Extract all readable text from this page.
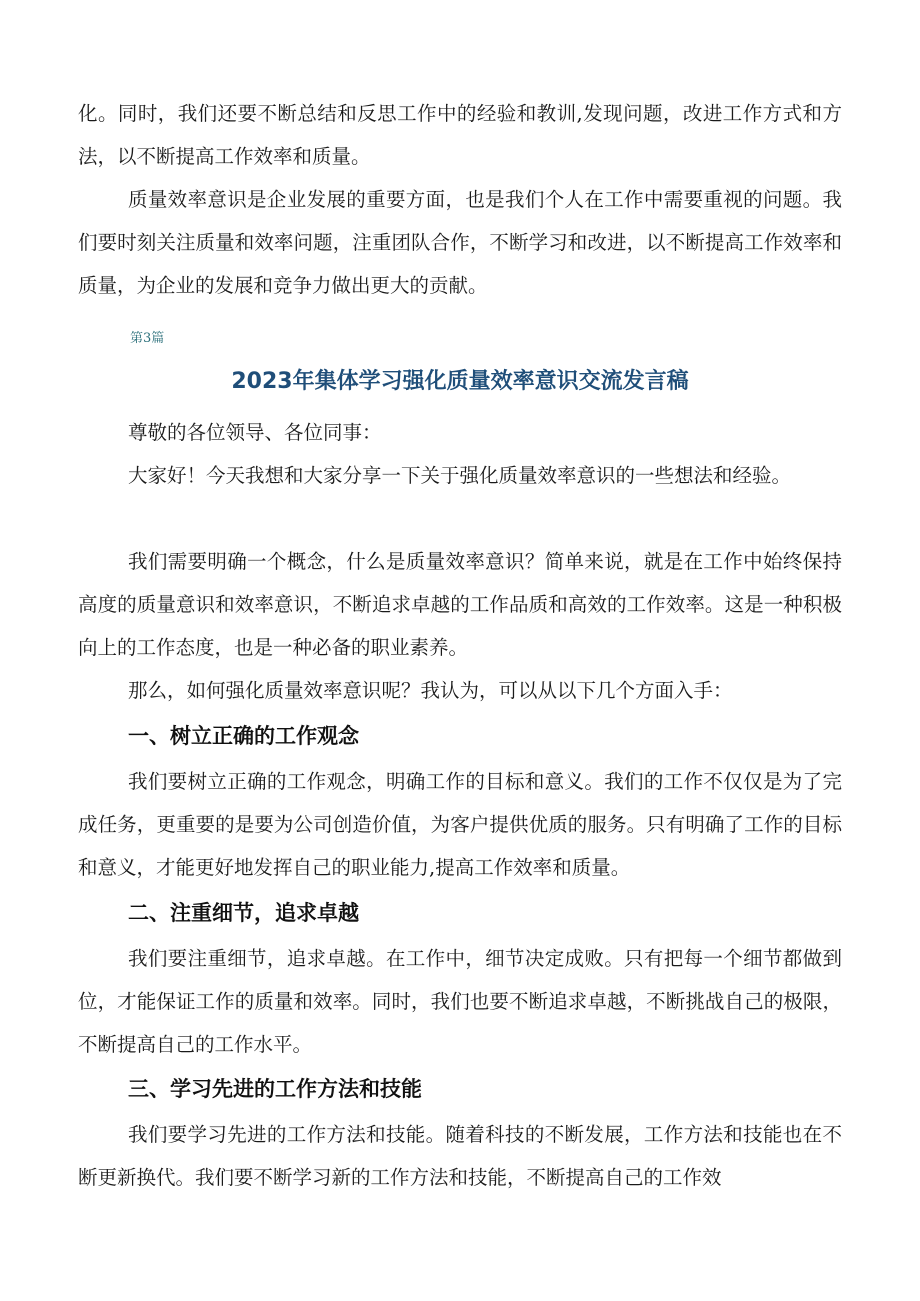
化。同时，我们还要不断总结和反思工作中的经验和教训,发现问题，改进工作方式和方法，以不断提高工作效率和质量。

质量效率意识是企业发展的重要方面，也是我们个人在工作中需要重视的问题。我们要时刻关注质量和效率问题，注重团队合作，不断学习和改进，以不断提高工作效率和质量，为企业的发展和竞争力做出更大的贡献。

第3篇

2023年集体学习强化质量效率意识交流发言稿

尊敬的各位领导、各位同事：

大家好！今天我想和大家分享一下关于强化质量效率意识的一些想法和经验。

我们需要明确一个概念，什么是质量效率意识？简单来说，就是在工作中始终保持高度的质量意识和效率意识，不断追求卓越的工作品质和高效的工作效率。这是一种积极向上的工作态度，也是一种必备的职业素养。

那么，如何强化质量效率意识呢？我认为，可以从以下几个方面入手：

一、树立正确的工作观念

我们要树立正确的工作观念，明确工作的目标和意义。我们的工作不仅仅是为了完成任务，更重要的是要为公司创造价值，为客户提供优质的服务。只有明确了工作的目标和意义，才能更好地发挥自己的职业能力,提高工作效率和质量。

二、注重细节，追求卓越

我们要注重细节，追求卓越。在工作中，细节决定成败。只有把每一个细节都做到位，才能保证工作的质量和效率。同时，我们也要不断追求卓越，不断挑战自己的极限，不断提高自己的工作水平。

三、学习先进的工作方法和技能

我们要学习先进的工作方法和技能。随着科技的不断发展，工作方法和技能也在不断更新换代。我们要不断学习新的工作方法和技能，不断提高自己的工作效
